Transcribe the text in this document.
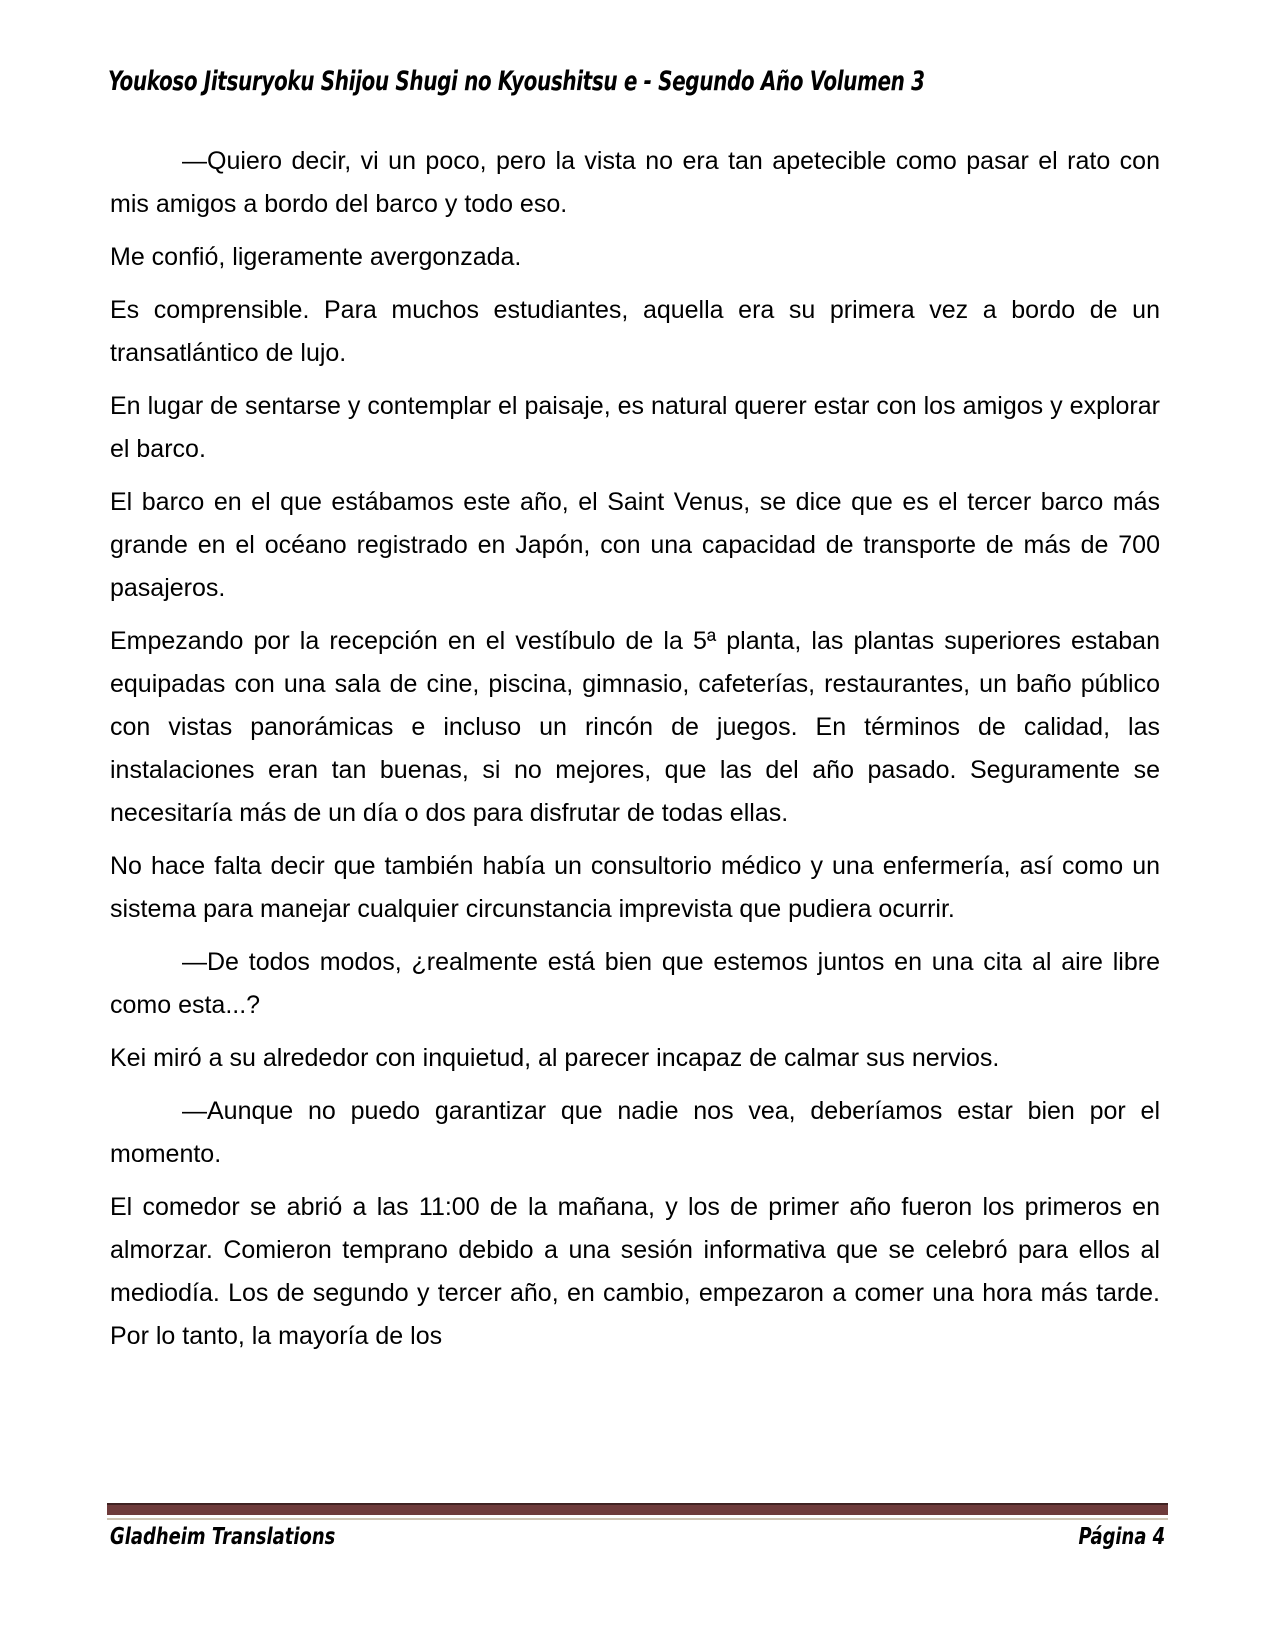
Youkoso Jitsuryoku Shijou Shugi no Kyoushitsu e - Segundo Año Volumen 3

—Quiero decir, vi un poco, pero la vista no era tan apetecible como pasar el rato con mis amigos a bordo del barco y todo eso.

Me confió, ligeramente avergonzada.

Es comprensible. Para muchos estudiantes, aquella era su primera vez a bordo de un transatlántico de lujo.

En lugar de sentarse y contemplar el paisaje, es natural querer estar con los amigos y explorar el barco.

El barco en el que estábamos este año, el Saint Venus, se dice que es el tercer barco más grande en el océano registrado en Japón, con una capacidad de transporte de más de 700 pasajeros.

Empezando por la recepción en el vestíbulo de la 5ª planta, las plantas superiores estaban equipadas con una sala de cine, piscina, gimnasio, cafeterías, restaurantes, un baño público con vistas panorámicas e incluso un rincón de juegos. En términos de calidad, las instalaciones eran tan buenas, si no mejores, que las del año pasado. Seguramente se necesitaría más de un día o dos para disfrutar de todas ellas.

No hace falta decir que también había un consultorio médico y una enfermería, así como un sistema para manejar cualquier circunstancia imprevista que pudiera ocurrir.

—De todos modos, ¿realmente está bien que estemos juntos en una cita al aire libre como esta...?

Kei miró a su alrededor con inquietud, al parecer incapaz de calmar sus nervios.

—Aunque no puedo garantizar que nadie nos vea, deberíamos estar bien por el momento.

El comedor se abrió a las 11:00 de la mañana, y los de primer año fueron los primeros en almorzar. Comieron temprano debido a una sesión informativa que se celebró para ellos al mediodía. Los de segundo y tercer año, en cambio, empezaron a comer una hora más tarde. Por lo tanto, la mayoría de los

Gladheim Translations	Página 4
